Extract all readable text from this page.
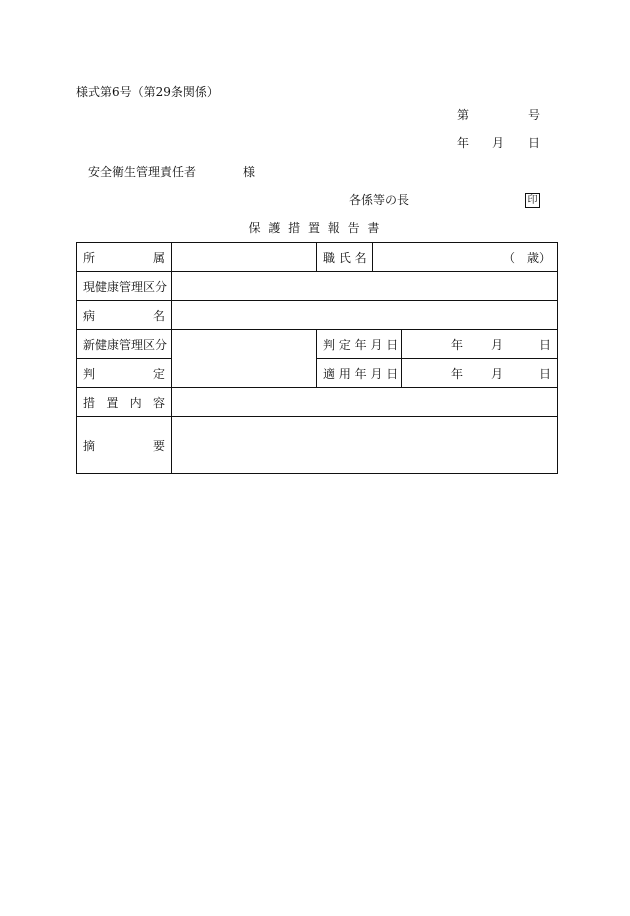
様式第6号（第29条関係）
第	号
年 月 日
安全衛生管理責任者	様
各係等の長	印
保 護 措 置 報 告 書
所 属		職 氏 名	（ 歳）	

現健康管理区分				

病 名				

新健康管理区分		判 定 年 月 日		年 月 日

判 定		適 用 年 月 日		年 月 日

措 置 内 容				

摘 要				
